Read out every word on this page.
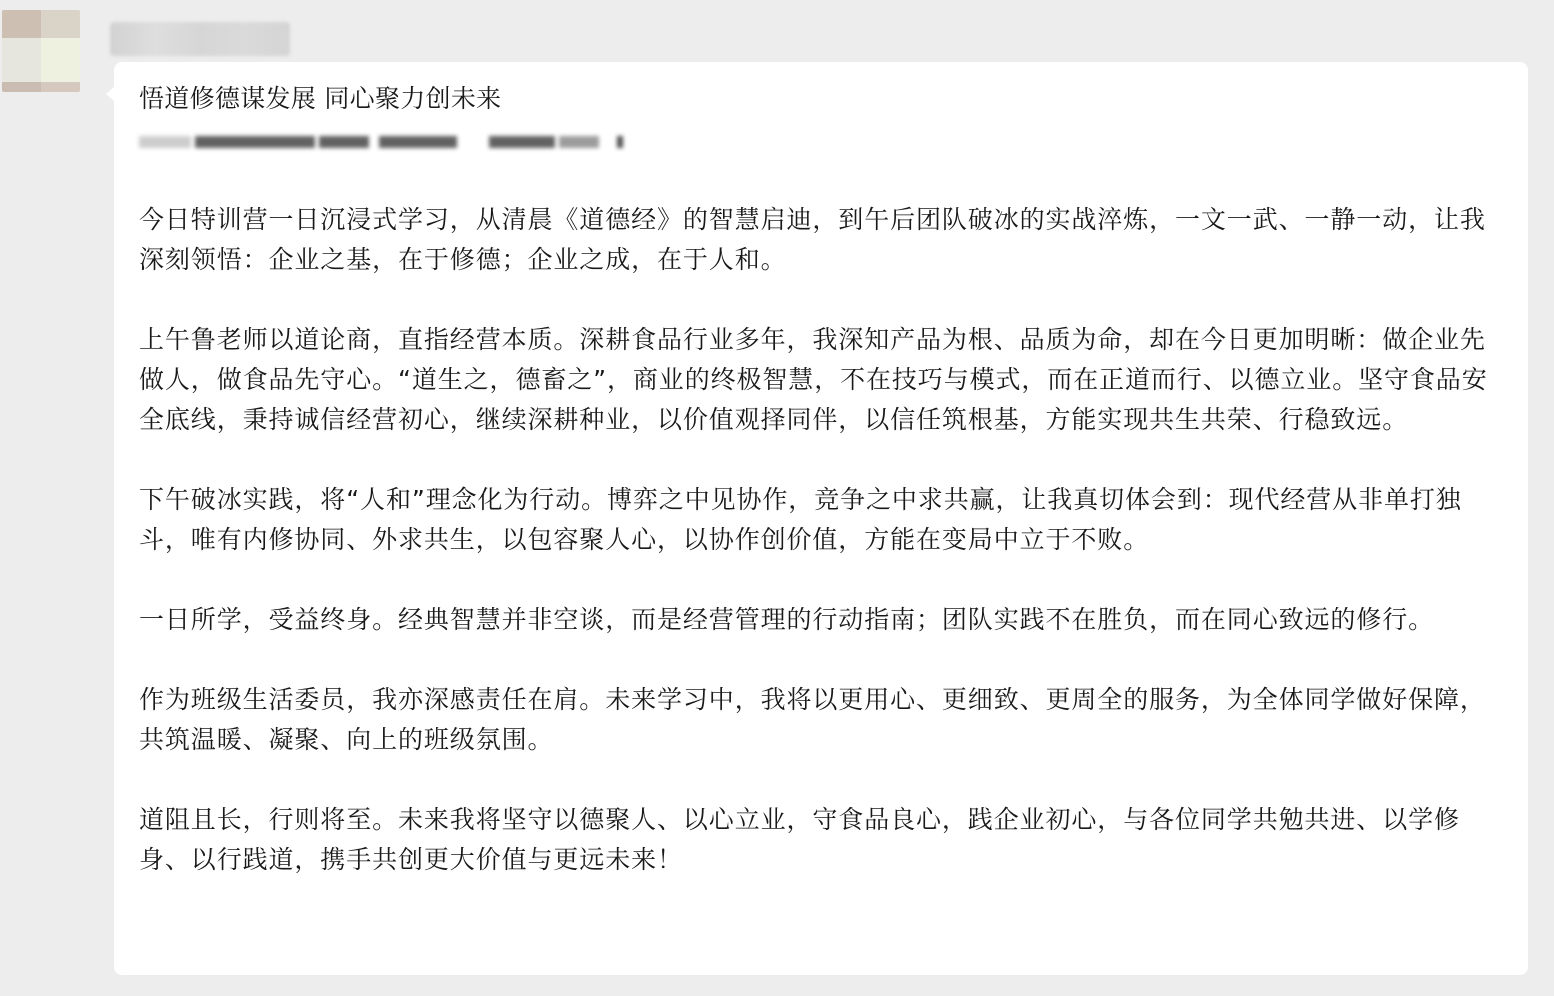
悟道修德谋发展 同心聚力创未来

今日特训营一日沉浸式学习，从清晨《道德经》的智慧启迪，到午后团队破冰的实战淬炼，一文一武、一静一动，让我深刻领悟：企业之基，在于修德；企业之成，在于人和。

上午鲁老师以道论商，直指经营本质。深耕食品行业多年，我深知产品为根、品质为命，却在今日更加明晰：做企业先做人，做食品先守心。“道生之，德畜之”，商业的终极智慧，不在技巧与模式，而在正道而行、以德立业。坚守食品安全底线，秉持诚信经营初心，继续深耕种业，以价值观择同伴，以信任筑根基，方能实现共生共荣、行稳致远。

下午破冰实践，将“人和”理念化为行动。博弈之中见协作，竞争之中求共赢，让我真切体会到：现代经营从非单打独斗，唯有内修协同、外求共生，以包容聚人心，以协作创价值，方能在变局中立于不败。

一日所学，受益终身。经典智慧并非空谈，而是经营管理的行动指南；团队实践不在胜负，而在同心致远的修行。

作为班级生活委员，我亦深感责任在肩。未来学习中，我将以更用心、更细致、更周全的服务，为全体同学做好保障，共筑温暖、凝聚、向上的班级氛围。

道阻且长，行则将至。未来我将坚守以德聚人、以心立业，守食品良心，践企业初心，与各位同学共勉共进、以学修身、以行践道，携手共创更大价值与更远未来！
